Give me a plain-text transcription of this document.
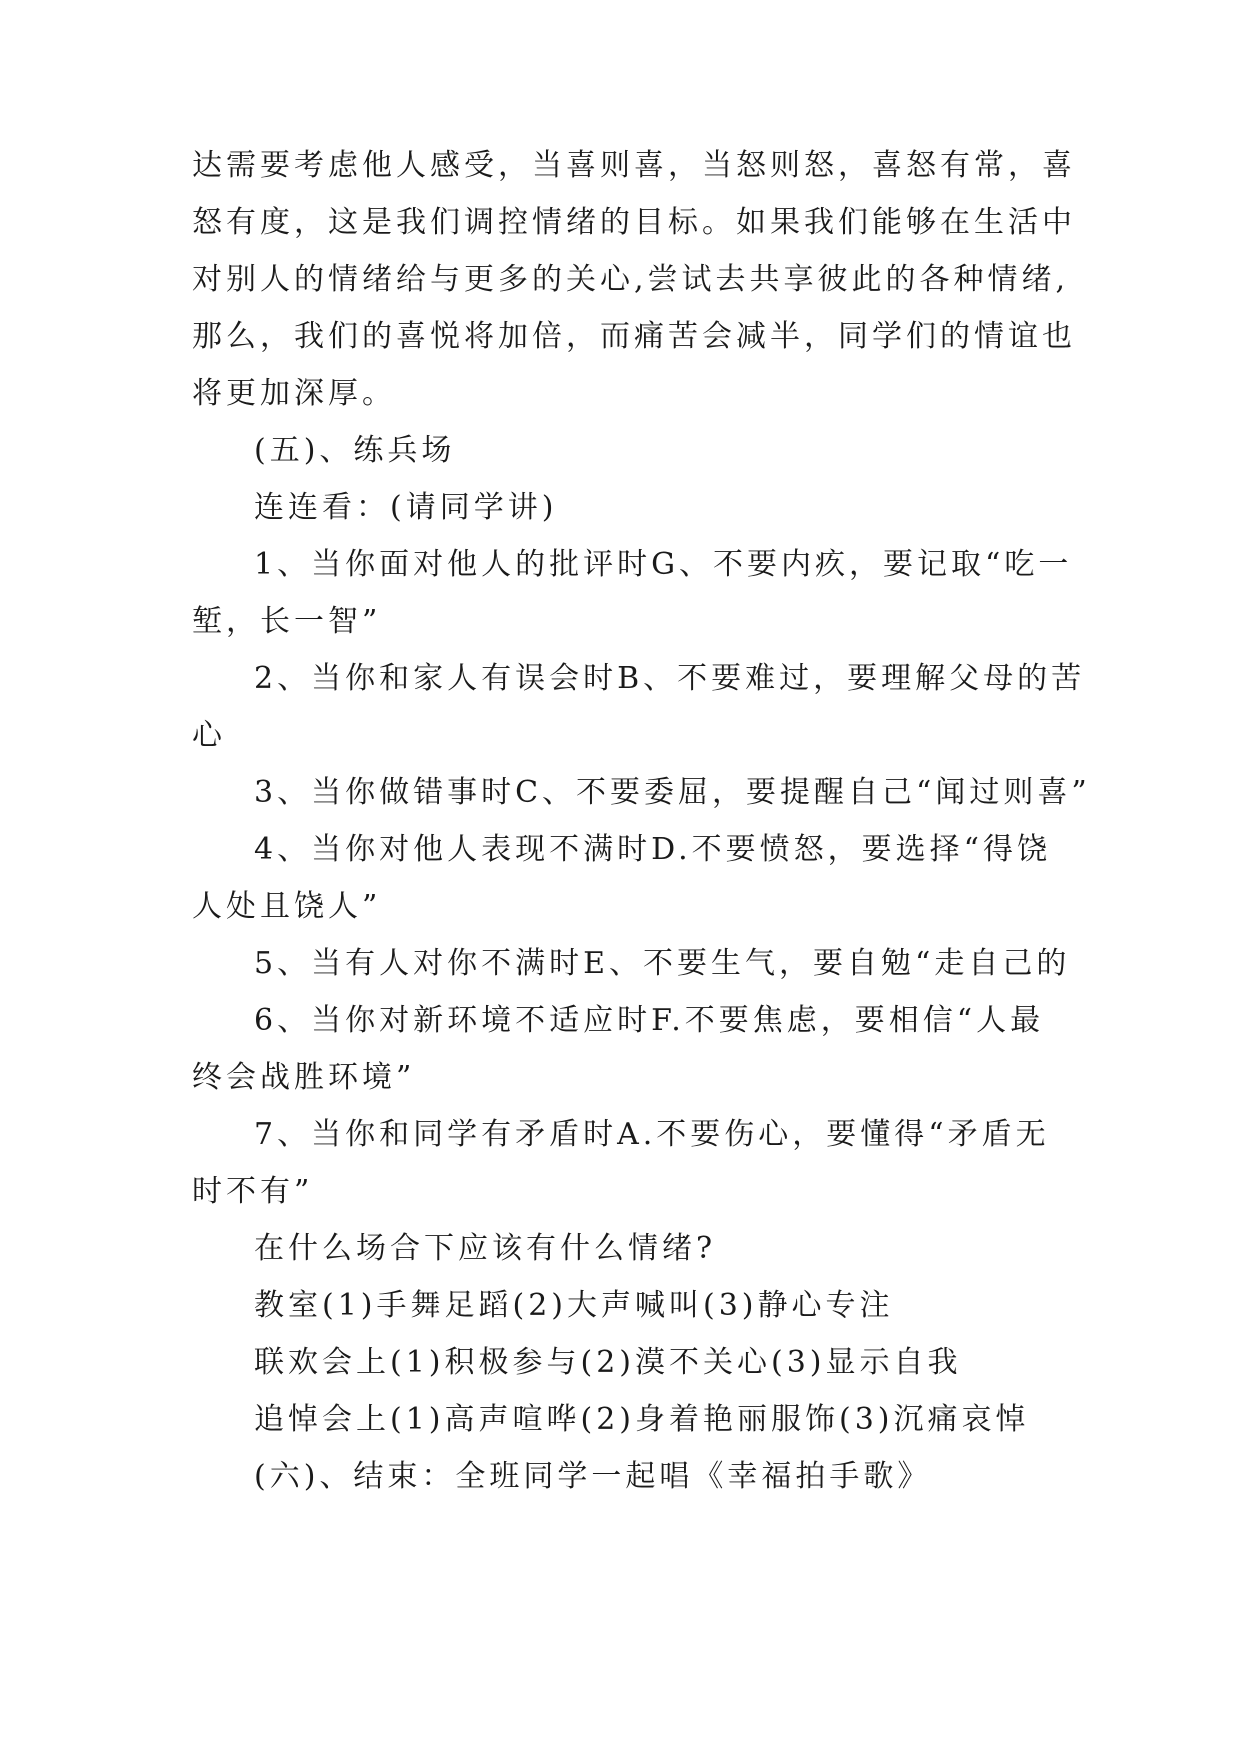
达需要考虑他人感受，当喜则喜，当怒则怒，喜怒有常，喜
怒有度，这是我们调控情绪的目标。如果我们能够在生活中
对别人的情绪给与更多的关心,尝试去共享彼此的各种情绪,
那么，我们的喜悦将加倍，而痛苦会减半，同学们的情谊也
将更加深厚。
(五)、练兵场
连连看：(请同学讲)
1、当你面对他人的批评时G、不要内疚，要记取“吃一
堑，长一智”
2、当你和家人有误会时B、不要难过，要理解父母的苦
心
3、当你做错事时C、不要委屈，要提醒自己“闻过则喜”
4、当你对他人表现不满时D.不要愤怒，要选择“得饶
人处且饶人”
5、当有人对你不满时E、不要生气，要自勉“走自己的
6、当你对新环境不适应时F.不要焦虑，要相信“人最
终会战胜环境”
7、当你和同学有矛盾时A.不要伤心，要懂得“矛盾无
时不有”
在什么场合下应该有什么情绪?
教室(1)手舞足蹈(2)大声喊叫(3)静心专注
联欢会上(1)积极参与(2)漠不关心(3)显示自我
追悼会上(1)高声喧哗(2)身着艳丽服饰(3)沉痛哀悼
(六)、结束：全班同学一起唱《幸福拍手歌》
